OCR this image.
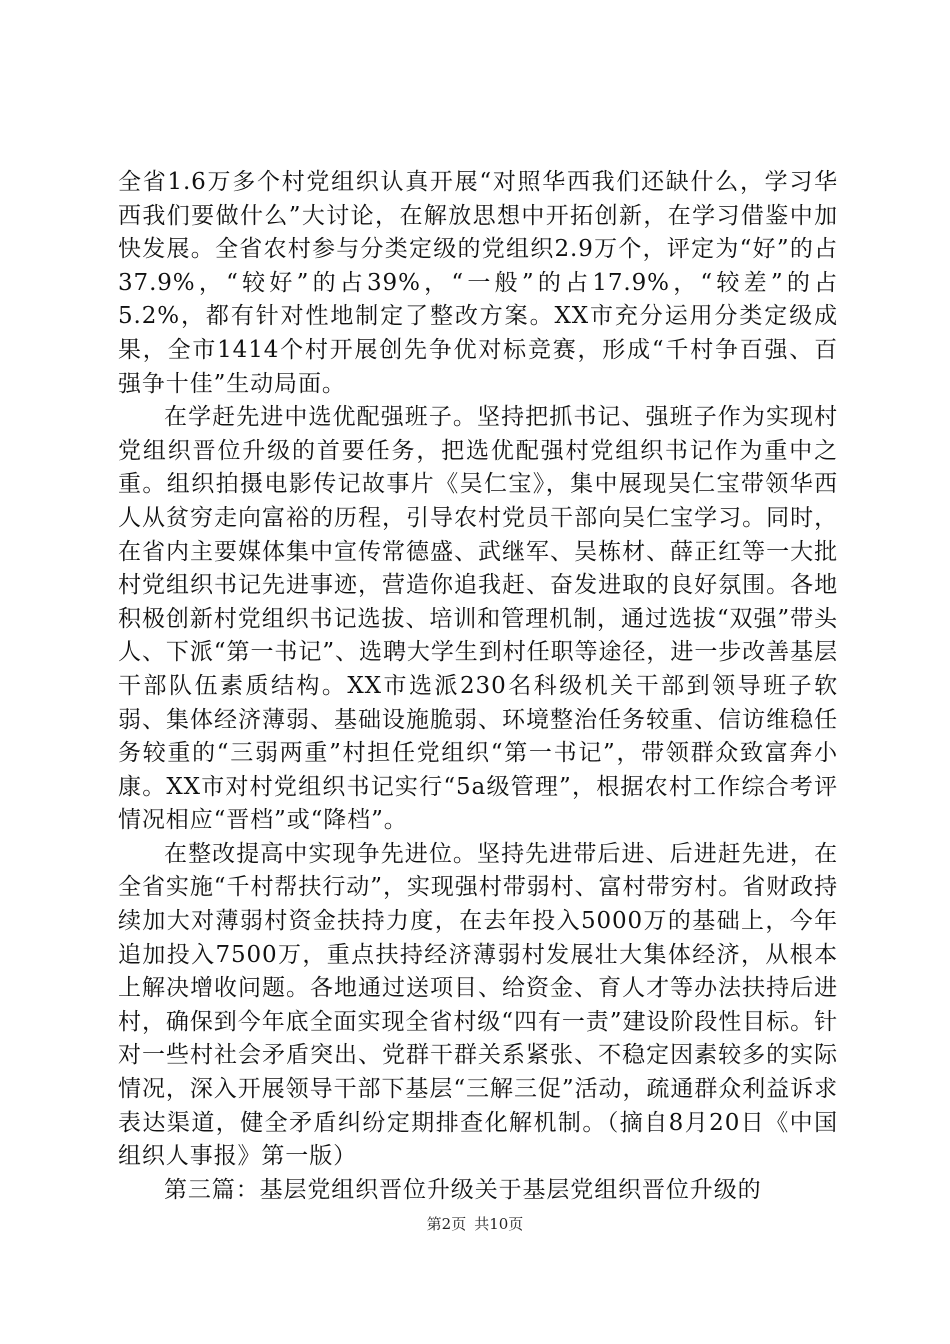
全省1.6万多个村党组织认真开展“对照华西我们还缺什么，学习华西我们要做什么”大讨论，在解放思想中开拓创新，在学习借鉴中加快发展。全省农村参与分类定级的党组织2.9万个，评定为“好”的占37.9%，“较好”的占39%，“一般”的占17.9%，“较差”的占5.2%，都有针对性地制定了整改方案。XX市充分运用分类定级成果，全市1414个村开展创先争优对标竞赛，形成“千村争百强、百强争十佳”生动局面。

在学赶先进中选优配强班子。坚持把抓书记、强班子作为实现村党组织晋位升级的首要任务，把选优配强村党组织书记作为重中之重。组织拍摄电影传记故事片《吴仁宝》，集中展现吴仁宝带领华西人从贫穷走向富裕的历程，引导农村党员干部向吴仁宝学习。同时，在省内主要媒体集中宣传常德盛、武继军、吴栋材、薛正红等一大批村党组织书记先进事迹，营造你追我赶、奋发进取的良好氛围。各地积极创新村党组织书记选拔、培训和管理机制，通过选拔“双强”带头人、下派“第一书记”、选聘大学生到村任职等途径，进一步改善基层干部队伍素质结构。XX市选派230名科级机关干部到领导班子软弱、集体经济薄弱、基础设施脆弱、环境整治任务较重、信访维稳任务较重的“三弱两重”村担任党组织“第一书记”，带领群众致富奔小康。XX市对村党组织书记实行“5a级管理”，根据农村工作综合考评情况相应“晋档”或“降档”。

在整改提高中实现争先进位。坚持先进带后进、后进赶先进，在全省实施“千村帮扶行动”，实现强村带弱村、富村带穷村。省财政持续加大对薄弱村资金扶持力度，在去年投入5000万的基础上，今年追加投入7500万，重点扶持经济薄弱村发展壮大集体经济，从根本上解决增收问题。各地通过送项目、给资金、育人才等办法扶持后进村，确保到今年底全面实现全省村级“四有一责”建设阶段性目标。针对一些村社会矛盾突出、党群干群关系紧张、不稳定因素较多的实际情况，深入开展领导干部下基层“三解三促”活动，疏通群众利益诉求表达渠道，健全矛盾纠纷定期排查化解机制。（摘自8月20日《中国组织人事报》第一版）

第三篇：基层党组织晋位升级关于基层党组织晋位升级的

第2页 共10页
